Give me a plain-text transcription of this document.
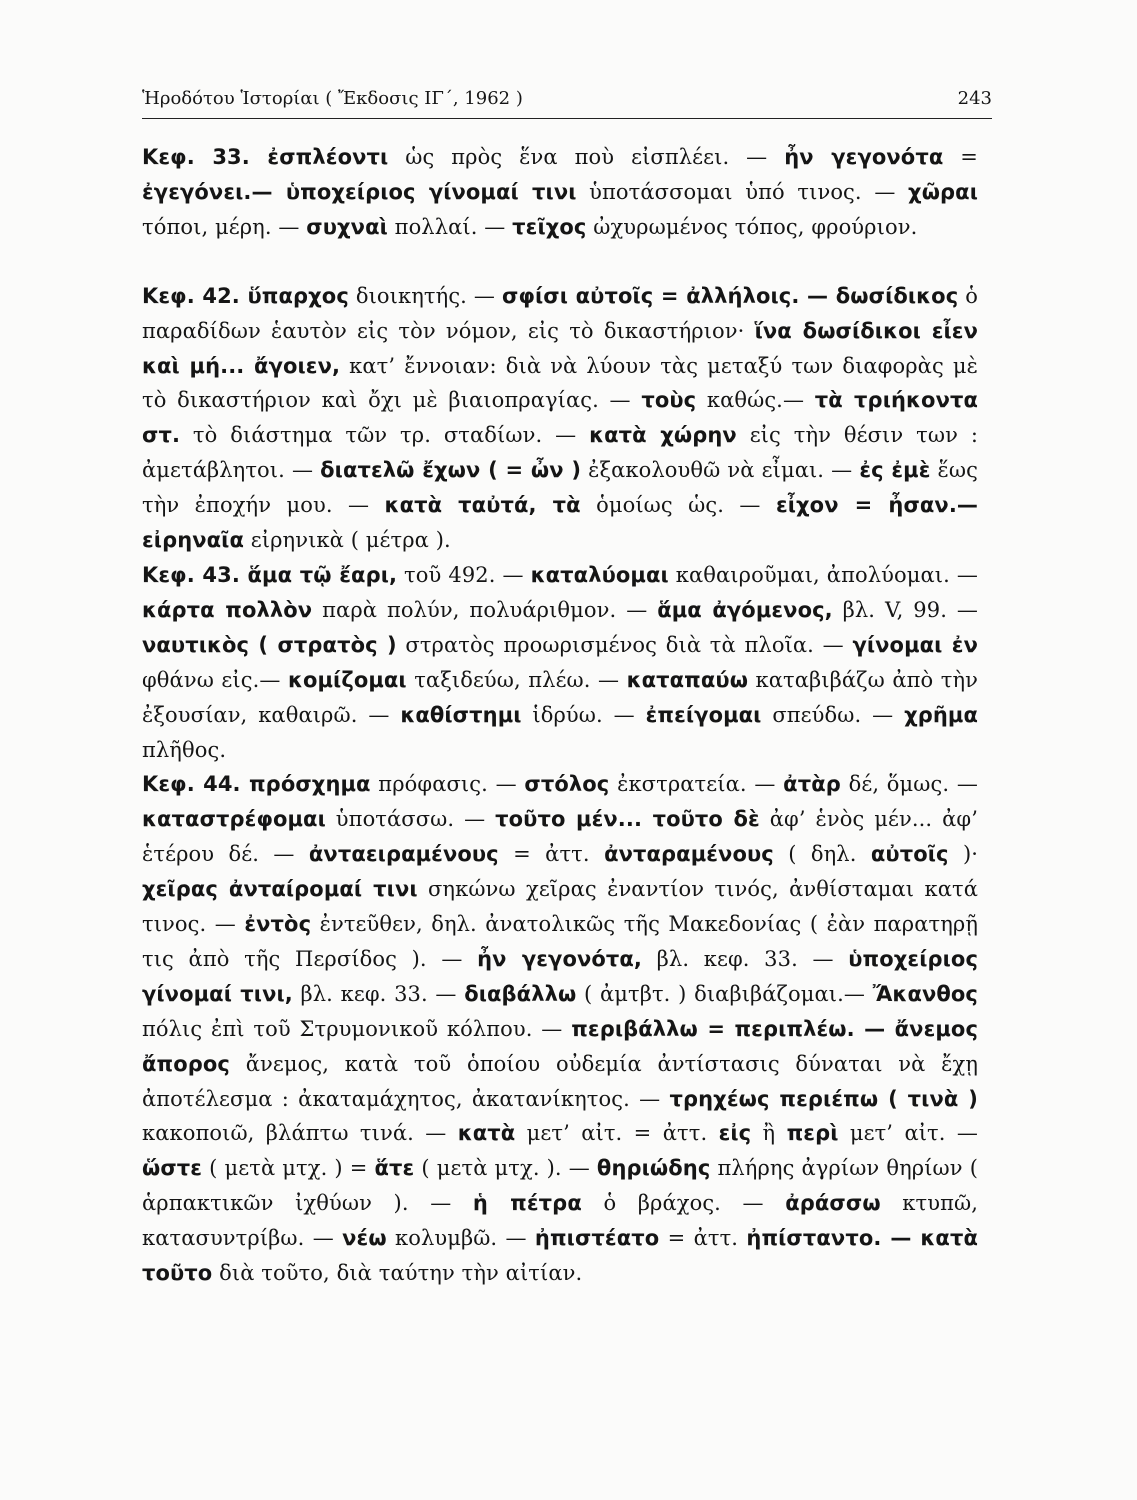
Ἡροδότου Ἱστορίαι ( Ἔκδοσις ΙΓ΄, 1962 )	243

Κεφ. 33. ἐσπλέοντι ὡς πρὸς ἕνα ποὺ εἰσπλέει. — ἦν γεγονότα = ἐγεγόνει.— ὑποχείριος γίνομαί τινι ὑποτάσσομαι ὑπό τινος. — χῶραι τόποι, μέρη. — συχναὶ πολλαί. — τεῖχος ὠχυρωμένος τόπος, φρούριον.

Κεφ. 42. ὕπαρχος διοικητής. — σφίσι αὐτοῖς = ἀλλήλοις. — δωσίδικος ὁ παραδίδων ἑαυτὸν εἰς τὸν νόμον, εἰς τὸ δικαστήριον· ἵνα δωσίδικοι εἶεν καὶ μή... ἄγοιεν, κατ’ ἔννοιαν: διὰ νὰ λύουν τὰς μεταξύ των διαφορὰς μὲ τὸ δικαστήριον καὶ ὄχι μὲ βιαιοπραγίας. — τοὺς καθώς.— τὰ τριήκοντα στ. τὸ διάστημα τῶν τρ. σταδίων. — κατὰ χώρην εἰς τὴν θέσιν των : ἀμετάβλητοι. — διατελῶ ἔχων ( = ὦν ) ἐξακολουθῶ νὰ εἶμαι. — ἐς ἐμὲ ἕως τὴν ἐποχήν μου. — κατὰ ταὐτά, τὰ ὁμοίως ὡς. — εἶχον = ἦσαν.— εἰρηναῖα εἰρηνικὰ ( μέτρα ).

Κεφ. 43. ἅμα τῷ ἔαρι, τοῦ 492. — καταλύομαι καθαιροῦμαι, ἀπολύομαι. — κάρτα πολλὸν παρὰ πολύν, πολυάριθμον. — ἅμα ἀγόμενος, βλ. V, 99. — ναυτικὸς ( στρατὸς ) στρατὸς προωρισμένος διὰ τὰ πλοῖα. — γίνομαι ἐν φθάνω εἰς.— κομίζομαι ταξιδεύω, πλέω. — καταπαύω καταβιβάζω ἀπὸ τὴν ἐξουσίαν, καθαιρῶ. — καθίστημι ἱδρύω. — ἐπείγομαι σπεύδω. — χρῆμα πλῆθος.

Κεφ. 44. πρόσχημα πρόφασις. — στόλος ἐκστρατεία. — ἀτὰρ δέ, ὅμως. — καταστρέφομαι ὑποτάσσω. — τοῦτο μέν... τοῦτο δὲ ἀφ’ ἑνὸς μέν... ἀφ’ ἑτέρου δέ. — ἀνταειραμένους = ἀττ. ἀνταραμένους ( δηλ. αὐτοῖς )· χεῖρας ἀνταίρομαί τινι σηκώνω χεῖρας ἐναντίον τινός, ἀνθίσταμαι κατά τινος. — ἐντὸς ἐντεῦθεν, δηλ. ἀνατολικῶς τῆς Μακεδονίας ( ἐὰν παρατηρῇ τις ἀπὸ τῆς Περσίδος ). — ἦν γεγονότα, βλ. κεφ. 33. — ὑποχείριος γίνομαί τινι, βλ. κεφ. 33. — διαβάλλω ( ἀμτβτ. ) διαβιβάζομαι.— Ἄκανθος πόλις ἐπὶ τοῦ Στρυμονικοῦ κόλπου. — περιβάλλω = περιπλέω. — ἄνεμος ἄπορος ἄνεμος, κατὰ τοῦ ὁποίου οὐδεμία ἀντίστασις δύναται νὰ ἔχῃ ἀποτέλεσμα : ἀκαταμάχητος, ἀκατανίκητος. — τρηχέως περιέπω ( τινὰ ) κακοποιῶ, βλάπτω τινά. — κατὰ μετ’ αἰτ. = ἀττ. εἰς ἢ περὶ μετ’ αἰτ. — ὥστε ( μετὰ μτχ. ) = ἅτε ( μετὰ μτχ. ). — θηριώδης πλήρης ἀγρίων θηρίων ( ἁρπακτικῶν ἰχθύων ). — ἡ πέτρα ὁ βράχος. — ἀράσσω κτυπῶ, κατασυντρίβω. — νέω κολυμβῶ. — ἠπιστέατο = ἀττ. ἠπίσταντο. — κατὰ τοῦτο διὰ τοῦτο, διὰ ταύτην τὴν αἰτίαν.
